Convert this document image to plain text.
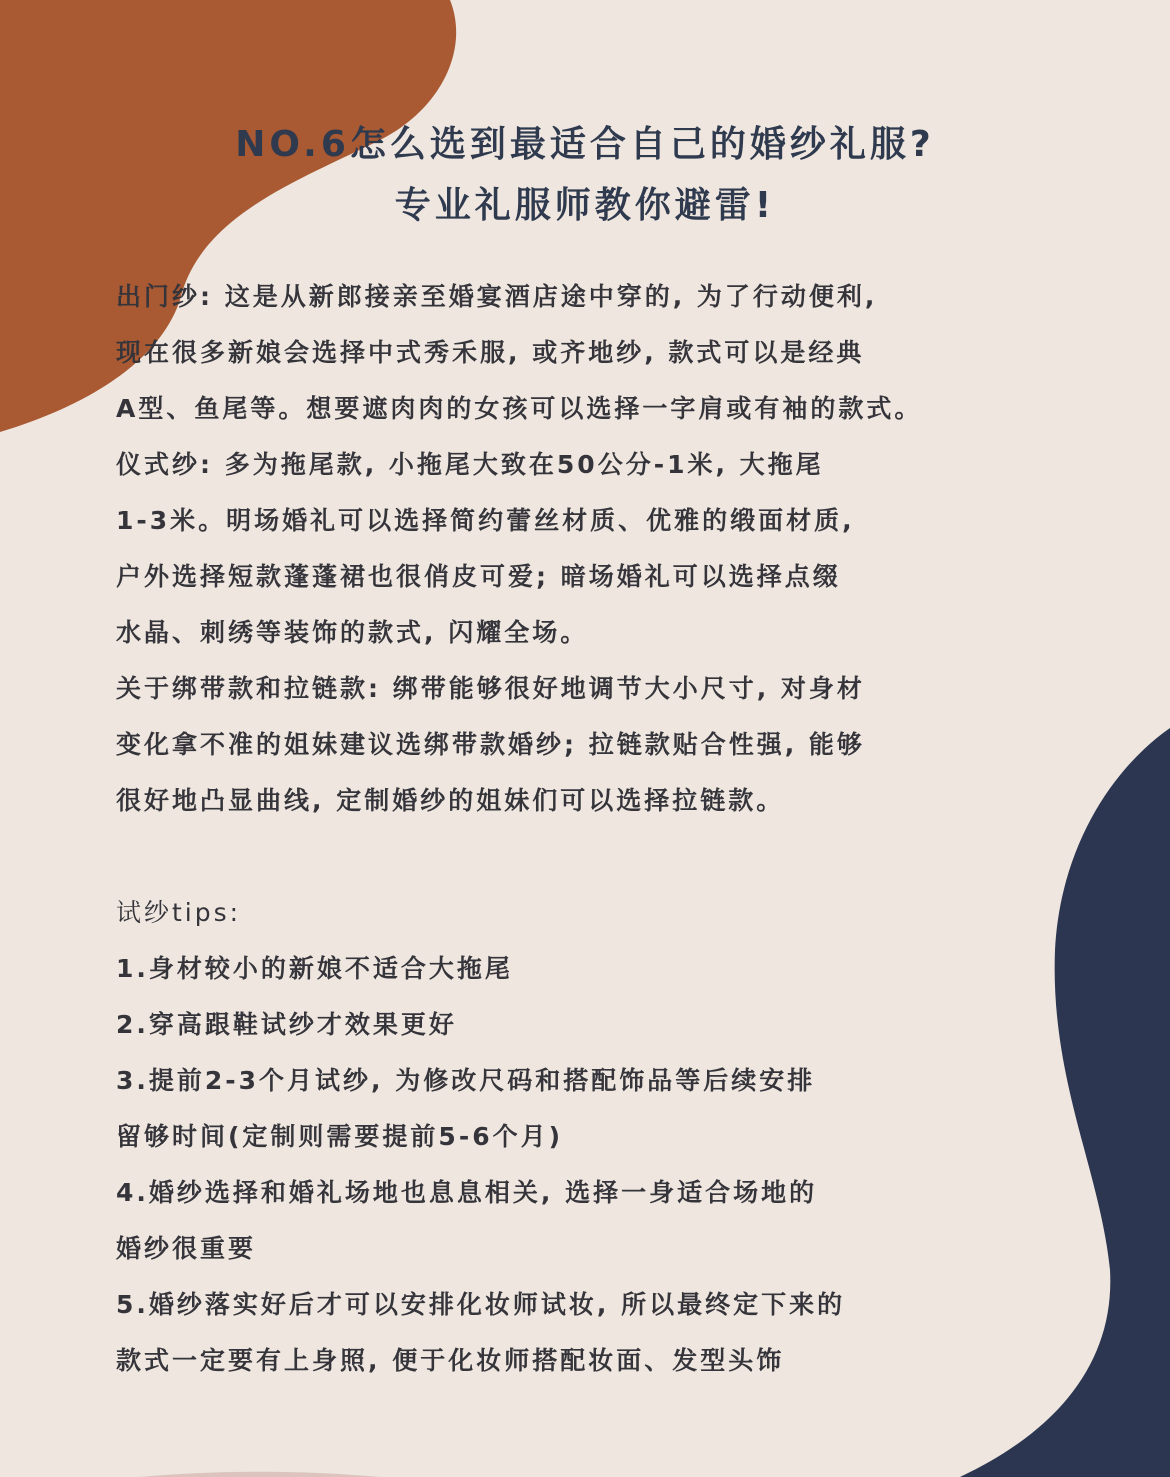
NO.6怎么选到最适合自己的婚纱礼服?
专业礼服师教你避雷!
出门纱: 这是从新郎接亲至婚宴酒店途中穿的, 为了行动便利,
现在很多新娘会选择中式秀禾服, 或齐地纱, 款式可以是经典
A型、鱼尾等。想要遮肉肉的女孩可以选择一字肩或有袖的款式。
仪式纱: 多为拖尾款, 小拖尾大致在50公分-1米, 大拖尾
1-3米。明场婚礼可以选择简约蕾丝材质、优雅的缎面材质,
户外选择短款蓬蓬裙也很俏皮可爱; 暗场婚礼可以选择点缀
水晶、刺绣等装饰的款式, 闪耀全场。
关于绑带款和拉链款: 绑带能够很好地调节大小尺寸, 对身材
变化拿不准的姐妹建议选绑带款婚纱; 拉链款贴合性强, 能够
很好地凸显曲线, 定制婚纱的姐妹们可以选择拉链款。
试纱tips:
1.身材较小的新娘不适合大拖尾
2.穿高跟鞋试纱才效果更好
3.提前2-3个月试纱, 为修改尺码和搭配饰品等后续安排
留够时间(定制则需要提前5-6个月)
4.婚纱选择和婚礼场地也息息相关, 选择一身适合场地的
婚纱很重要
5.婚纱落实好后才可以安排化妆师试妆, 所以最终定下来的
款式一定要有上身照, 便于化妆师搭配妆面、发型头饰
